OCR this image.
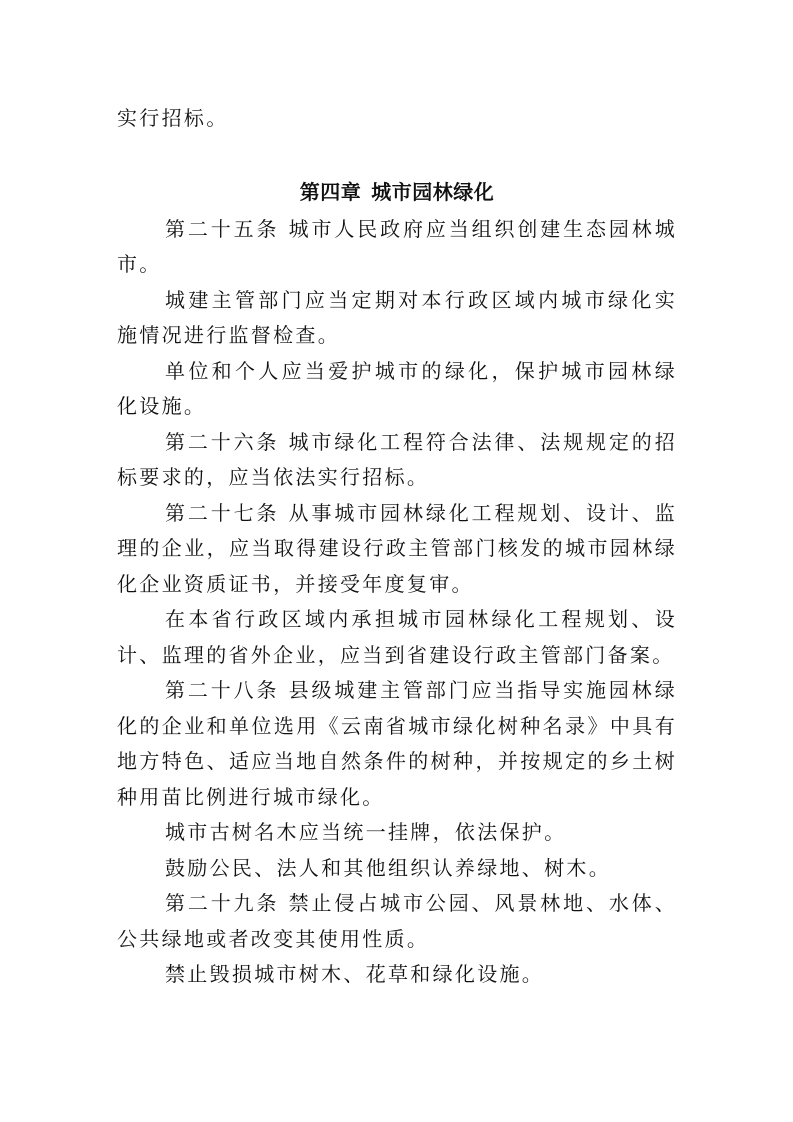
实行招标。

第四章 城市园林绿化

第二十五条 城市人民政府应当组织创建生态园林城市。

城建主管部门应当定期对本行政区域内城市绿化实施情况进行监督检查。

单位和个人应当爱护城市的绿化，保护城市园林绿化设施。

第二十六条 城市绿化工程符合法律、法规规定的招标要求的，应当依法实行招标。

第二十七条 从事城市园林绿化工程规划、设计、监理的企业，应当取得建设行政主管部门核发的城市园林绿化企业资质证书，并接受年度复审。

在本省行政区域内承担城市园林绿化工程规划、设计、监理的省外企业，应当到省建设行政主管部门备案。

第二十八条 县级城建主管部门应当指导实施园林绿化的企业和单位选用《云南省城市绿化树种名录》中具有地方特色、适应当地自然条件的树种，并按规定的乡土树种用苗比例进行城市绿化。

城市古树名木应当统一挂牌，依法保护。

鼓励公民、法人和其他组织认养绿地、树木。

第二十九条 禁止侵占城市公园、风景林地、水体、公共绿地或者改变其使用性质。

禁止毁损城市树木、花草和绿化设施。
